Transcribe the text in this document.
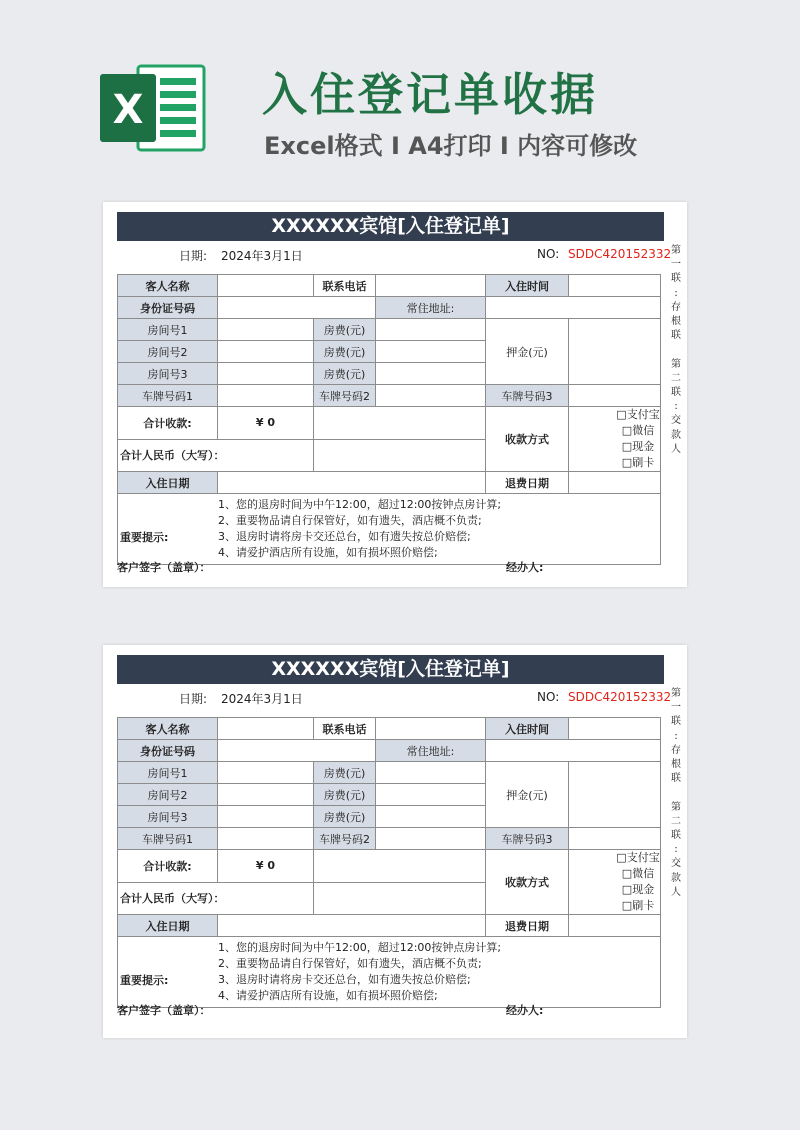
X	入住登记单收据
Excel格式 I A4打印 I 内容可修改
XXXXXX宾馆[入住登记单]
日期: 2024年3月1日	NO: SDDC420152332
客人名称		联系电话		入住时间	
身份证号码			常住地址:		
房间号1		房费(元)		押金(元)	
房间号2		房费(元)			
房间号3		房费(元)			
车牌号码1		车牌号码2		车牌号码3	
合计收款:	¥ 0			收款方式	□支付宝□微信
□现金□刷卡
合计人民币（大写）：					
入住日期				退费日期	

重要提示:
1、您的退房时间为中午12:00，超过12:00按钟点房计算;
2、重要物品请自行保管好，如有遗失，酒店概不负责;
3、退房时请将房卡交还总台，如有遗失按总价赔偿;
4、请爱护酒店所有设施，如有损坏照价赔偿;					
客户签字（盖章）：	经办人:
第
一
联
:
存
根
联

第
二
联
:
交
款
人
XXXXXX宾馆[入住登记单]
日期: 2024年3月1日	NO: SDDC420152332
客人名称		联系电话		入住时间	
身份证号码			常住地址:		
房间号1		房费(元)		押金(元)	
房间号2		房费(元)			
房间号3		房费(元)			
车牌号码1		车牌号码2		车牌号码3	
合计收款:	¥ 0			收款方式	□支付宝□微信
□现金□刷卡
合计人民币（大写）：					
入住日期				退费日期	

重要提示:
1、您的退房时间为中午12:00，超过12:00按钟点房计算;
2、重要物品请自行保管好，如有遗失，酒店概不负责;
3、退房时请将房卡交还总台，如有遗失按总价赔偿;
4、请爱护酒店所有设施，如有损坏照价赔偿;					
客户签字（盖章）：	经办人:
第
一
联
:
存
根
联

第
二
联
:
交
款
人
